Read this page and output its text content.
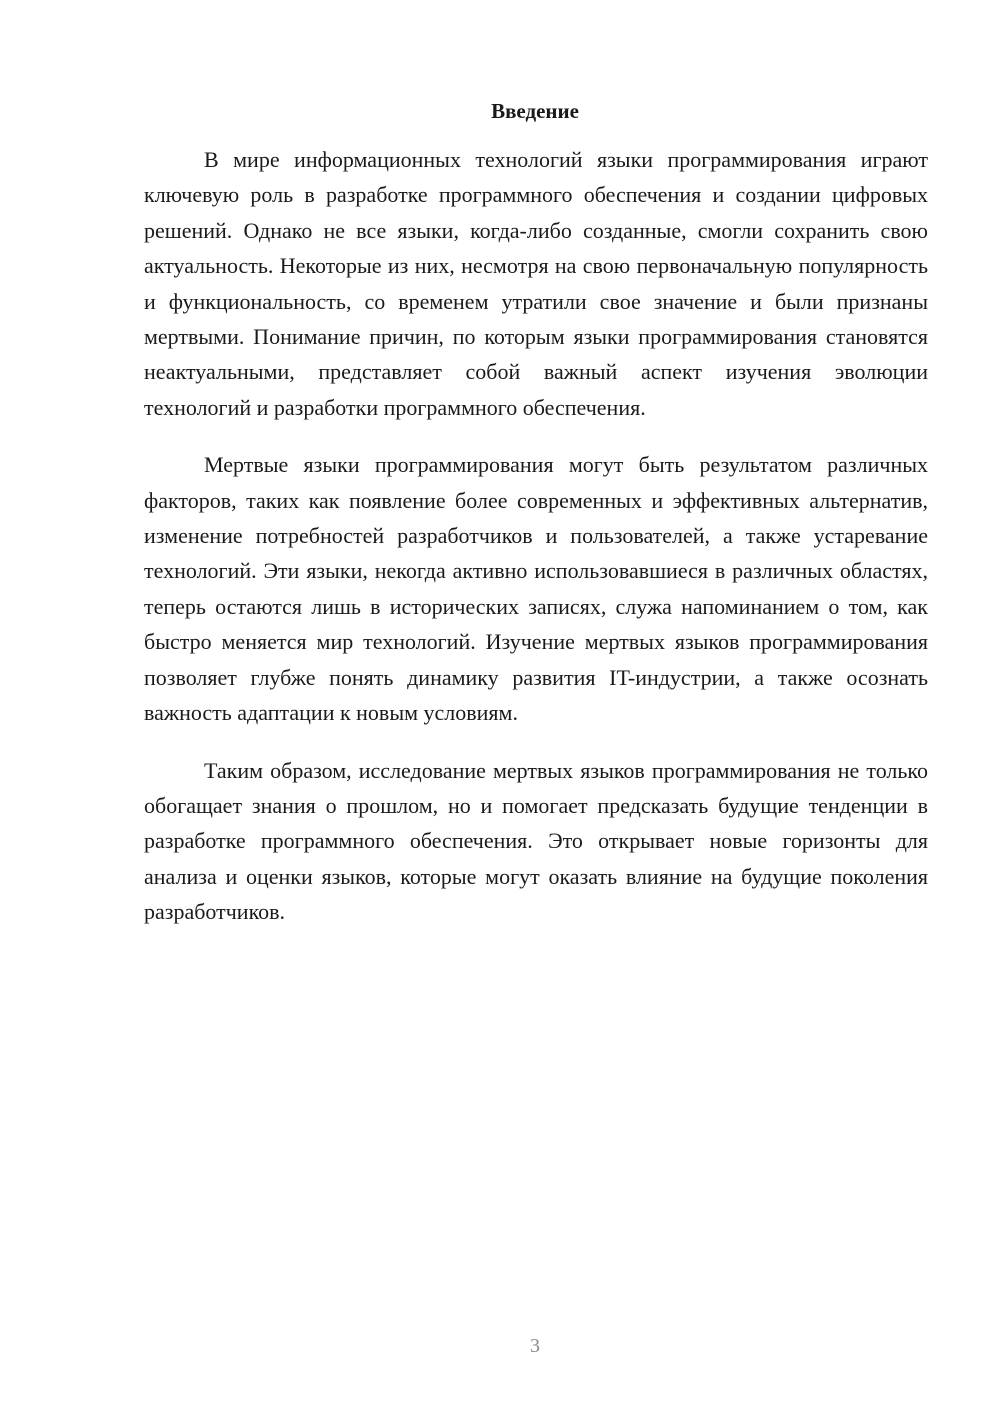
Введение

В мире информационных технологий языки программирования играют ключевую роль в разработке программного обеспечения и создании цифровых решений. Однако не все языки, когда-либо созданные, смогли сохранить свою актуальность. Некоторые из них, несмотря на свою первоначальную популярность и функциональность, со временем утратили свое значение и были признаны мертвыми. Понимание причин, по которым языки программирования становятся неактуальными, представляет собой важный аспект изучения эволюции технологий и разработки программного обеспечения.

Мертвые языки программирования могут быть результатом различных факторов, таких как появление более современных и эффективных альтернатив, изменение потребностей разработчиков и пользователей, а также устаревание технологий. Эти языки, некогда активно использовавшиеся в различных областях, теперь остаются лишь в исторических записях, служа напоминанием о том, как быстро меняется мир технологий. Изучение мертвых языков программирования позволяет глубже понять динамику развития IT-индустрии, а также осознать важность адаптации к новым условиям.

Таким образом, исследование мертвых языков программирования не только обогащает знания о прошлом, но и помогает предсказать будущие тенденции в разработке программного обеспечения. Это открывает новые горизонты для анализа и оценки языков, которые могут оказать влияние на будущие поколения разработчиков.

3
